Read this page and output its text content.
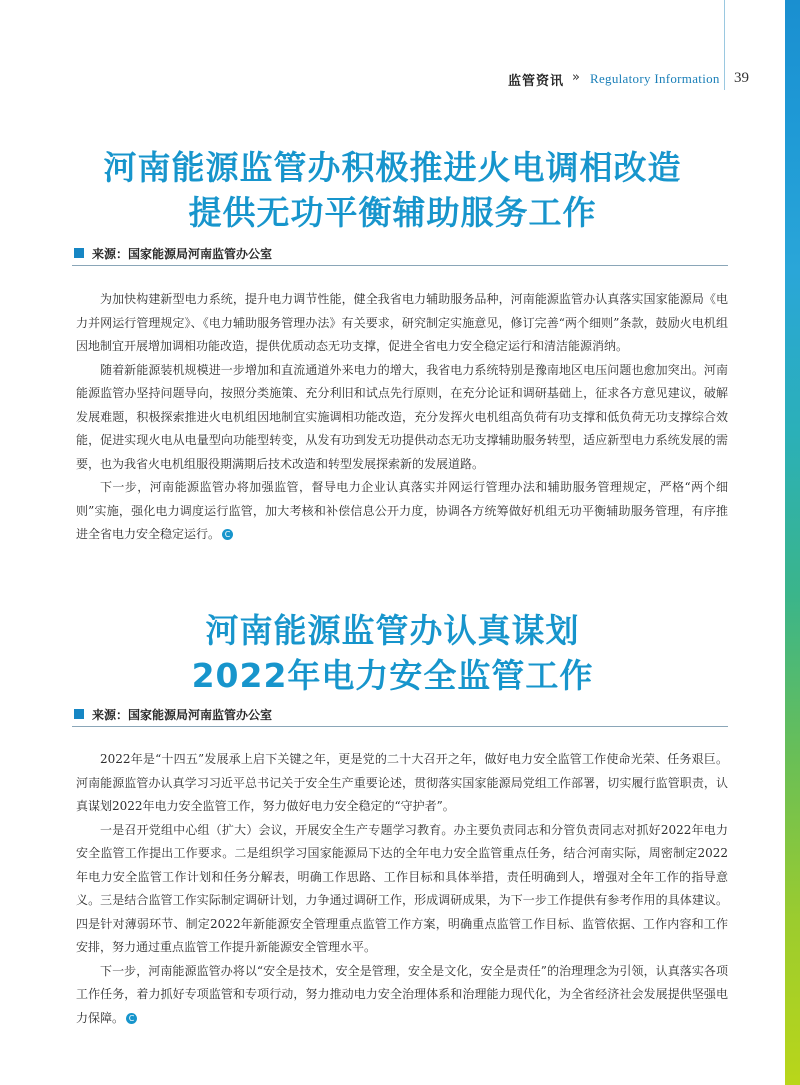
监管资讯 » Regulatory Information 39
河南能源监管办积极推进火电调相改造
提供无功平衡辅助服务工作
来源：国家能源局河南监管办公室

为加快构建新型电力系统，提升电力调节性能，健全我省电力辅助服务品种，河南能源监管办认真落实国家能源局《电力并网运行管理规定》、《电力辅助服务管理办法》有关要求，研究制定实施意见，修订完善“两个细则”条款，鼓励火电机组因地制宜开展增加调相功能改造，提供优质动态无功支撑，促进全省电力安全稳定运行和清洁能源消纳。

随着新能源装机规模进一步增加和直流通道外来电力的增大，我省电力系统特别是豫南地区电压问题也愈加突出。河南能源监管办坚持问题导向，按照分类施策、充分利旧和试点先行原则，在充分论证和调研基础上，征求各方意见建议，破解发展难题，积极探索推进火电机组因地制宜实施调相功能改造，充分发挥火电机组高负荷有功支撑和低负荷无功支撑综合效能，促进实现火电从电量型向功能型转变，从发有功到发无功提供动态无功支撑辅助服务转型，适应新型电力系统发展的需要，也为我省火电机组服役期满期后技术改造和转型发展探索新的发展道路。

下一步，河南能源监管办将加强监管，督导电力企业认真落实并网运行管理办法和辅助服务管理规定，严格“两个细则”实施，强化电力调度运行监管，加大考核和补偿信息公开力度，协调各方统筹做好机组无功平衡辅助服务管理，有序推进全省电力安全稳定运行。 C

河南能源监管办认真谋划
2022年电力安全监管工作
来源：国家能源局河南监管办公室

2022年是“十四五”发展承上启下关键之年，更是党的二十大召开之年，做好电力安全监管工作使命光荣、任务艰巨。河南能源监管办认真学习习近平总书记关于安全生产重要论述，贯彻落实国家能源局党组工作部署，切实履行监管职责，认真谋划2022年电力安全监管工作，努力做好电力安全稳定的“守护者”。

一是召开党组中心组（扩大）会议，开展安全生产专题学习教育。办主要负责同志和分管负责同志对抓好2022年电力安全监管工作提出工作要求。二是组织学习国家能源局下达的全年电力安全监管重点任务，结合河南实际，周密制定2022年电力安全监管工作计划和任务分解表，明确工作思路、工作目标和具体举措，责任明确到人，增强对全年工作的指导意义。三是结合监管工作实际制定调研计划，力争通过调研工作，形成调研成果，为下一步工作提供有参考作用的具体建议。四是针对薄弱环节、制定2022年新能源安全管理重点监管工作方案，明确重点监管工作目标、监管依据、工作内容和工作安排，努力通过重点监管工作提升新能源安全管理水平。

下一步，河南能源监管办将以“安全是技术，安全是管理，安全是文化，安全是责任”的治理理念为引领，认真落实各项工作任务，着力抓好专项监管和专项行动，努力推动电力安全治理体系和治理能力现代化，为全省经济社会发展提供坚强电力保障。 C
